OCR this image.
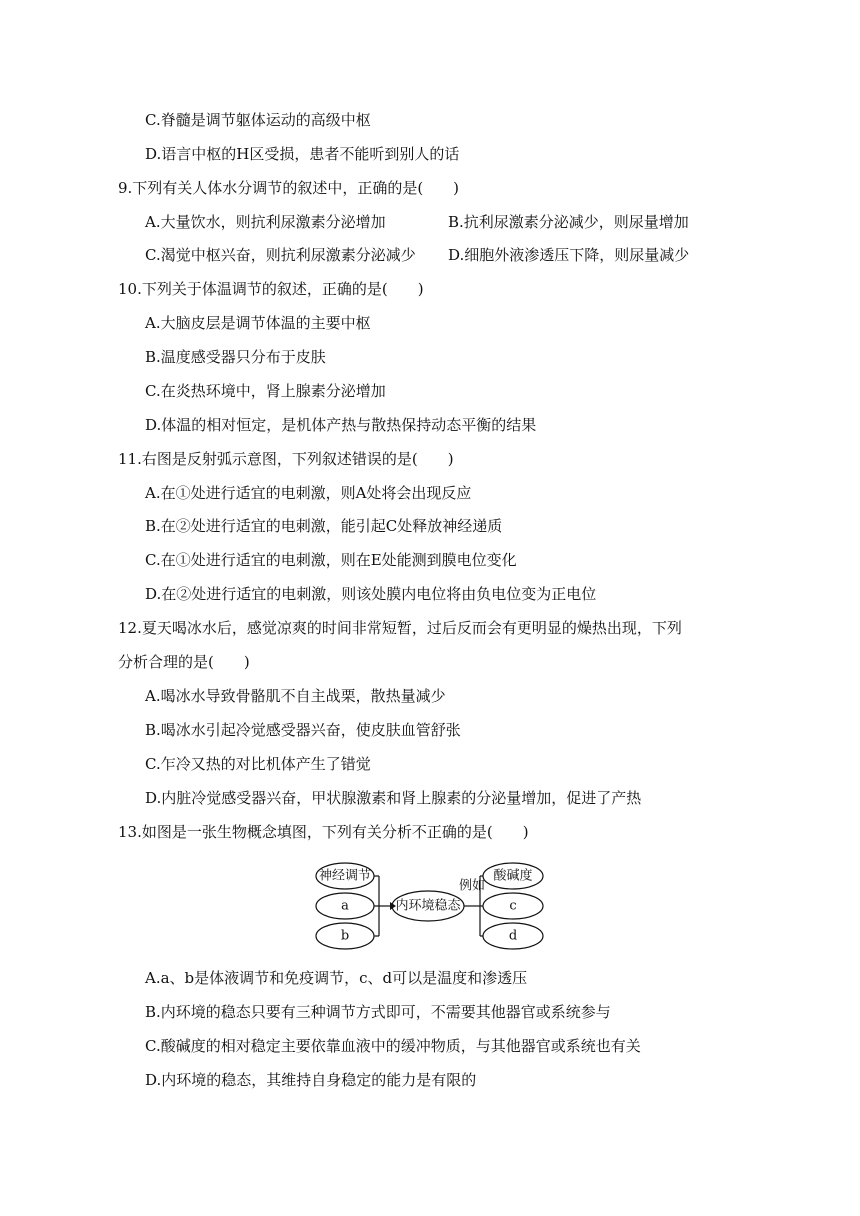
C.脊髓是调节躯体运动的高级中枢
D.语言中枢的H区受损，患者不能听到别人的话
9.下列有关人体水分调节的叙述中，正确的是(　　)
A.大量饮水，则抗利尿激素分泌增加	B.抗利尿激素分泌减少，则尿量增加
C.渴觉中枢兴奋，则抗利尿激素分泌减少 D.细胞外液渗透压下降，则尿量减少
10.下列关于体温调节的叙述，正确的是(　　)
A.大脑皮层是调节体温的主要中枢
B.温度感受器只分布于皮肤
C.在炎热环境中，肾上腺素分泌增加
D.体温的相对恒定，是机体产热与散热保持动态平衡的结果
11.右图是反射弧示意图，下列叙述错误的是(　　)
A.在①处进行适宜的电刺激，则A处将会出现反应
B.在②处进行适宜的电刺激，能引起C处释放神经递质
C.在①处进行适宜的电刺激，则在E处能测到膜电位变化
D.在②处进行适宜的电刺激，则该处膜内电位将由负电位变为正电位
12.夏天喝冰水后，感觉凉爽的时间非常短暂，过后反而会有更明显的燥热出现，下列
分析合理的是(　　)
A.喝冰水导致骨骼肌不自主战栗，散热量减少
B.喝冰水引起冷觉感受器兴奋，使皮肤血管舒张
C.乍冷又热的对比机体产生了错觉
D.内脏冷觉感受器兴奋，甲状腺激素和肾上腺素的分泌量增加，促进了产热
13.如图是一张生物概念填图，下列有关分析不正确的是(　　)
神经调节
a
b
内环境稳态
例如
酸碱度
c
d
A.a、b是体液调节和免疫调节，c、d可以是温度和渗透压
B.内环境的稳态只要有三种调节方式即可，不需要其他器官或系统参与
C.酸碱度的相对稳定主要依靠血液中的缓冲物质，与其他器官或系统也有关
D.内环境的稳态，其维持自身稳定的能力是有限的
